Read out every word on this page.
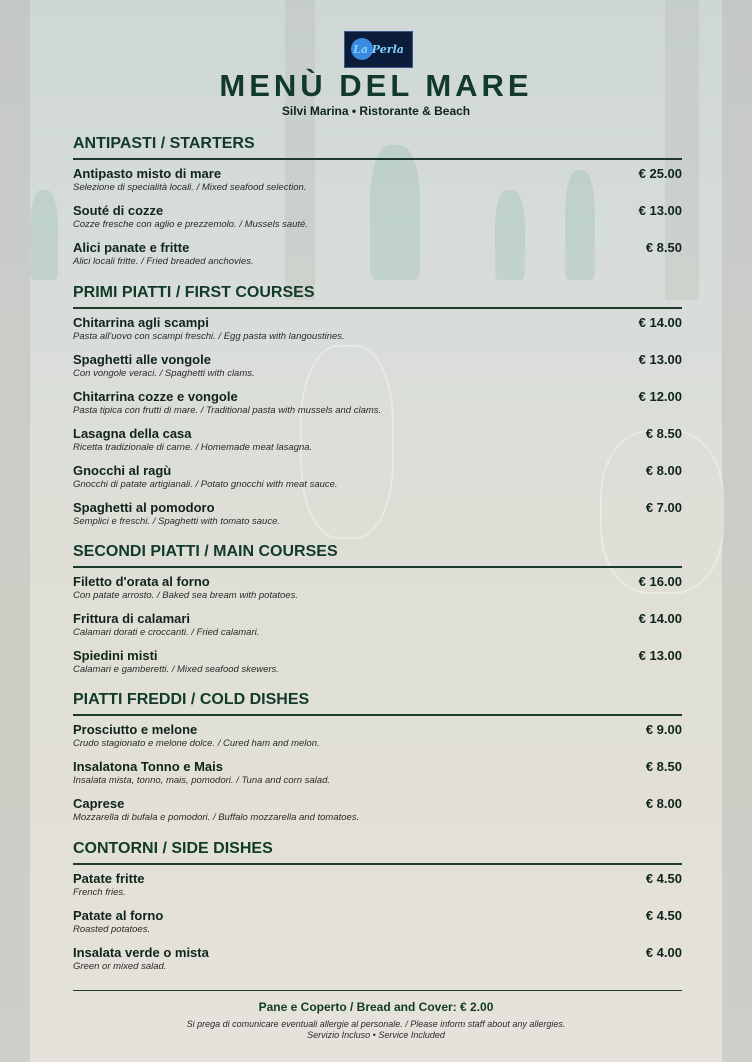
La Perla
MENÙ DEL MARE
Silvi Marina • Ristorante & Beach
ANTIPASTI / STARTERS
Antipasto misto di mare	€ 25.00
Selezione di specialità locali. / Mixed seafood selection.
Souté di cozze	€ 13.00
Cozze fresche con aglio e prezzemolo. / Mussels sauté.
Alici panate e fritte	€ 8.50
Alici locali fritte. / Fried breaded anchovies.
PRIMI PIATTI / FIRST COURSES
Chitarrina agli scampi	€ 14.00
Pasta all'uovo con scampi freschi. / Egg pasta with langoustines.
Spaghetti alle vongole	€ 13.00
Con vongole veraci. / Spaghetti with clams.
Chitarrina cozze e vongole	€ 12.00
Pasta tipica con frutti di mare. / Traditional pasta with mussels and clams.
Lasagna della casa	€ 8.50
Ricetta tradizionale di carne. / Homemade meat lasagna.
Gnocchi al ragù	€ 8.00
Gnocchi di patate artigianali. / Potato gnocchi with meat sauce.
Spaghetti al pomodoro	€ 7.00
Semplici e freschi. / Spaghetti with tomato sauce.
SECONDI PIATTI / MAIN COURSES
Filetto d'orata al forno	€ 16.00
Con patate arrosto. / Baked sea bream with potatoes.
Frittura di calamari	€ 14.00
Calamari dorati e croccanti. / Fried calamari.
Spiedini misti	€ 13.00
Calamari e gamberetti. / Mixed seafood skewers.
PIATTI FREDDI / COLD DISHES
Prosciutto e melone	€ 9.00
Crudo stagionato e melone dolce. / Cured ham and melon.
Insalatona Tonno e Mais	€ 8.50
Insalata mista, tonno, mais, pomodori. / Tuna and corn salad.
Caprese	€ 8.00
Mozzarella di bufala e pomodori. / Buffalo mozzarella and tomatoes.
CONTORNI / SIDE DISHES
Patate fritte	€ 4.50
French fries.
Patate al forno	€ 4.50
Roasted potatoes.
Insalata verde o mista	€ 4.00
Green or mixed salad.
Pane e Coperto / Bread and Cover: € 2.00
Si prega di comunicare eventuali allergie al personale. / Please inform staff about any allergies.
Servizio Incluso • Service Included
